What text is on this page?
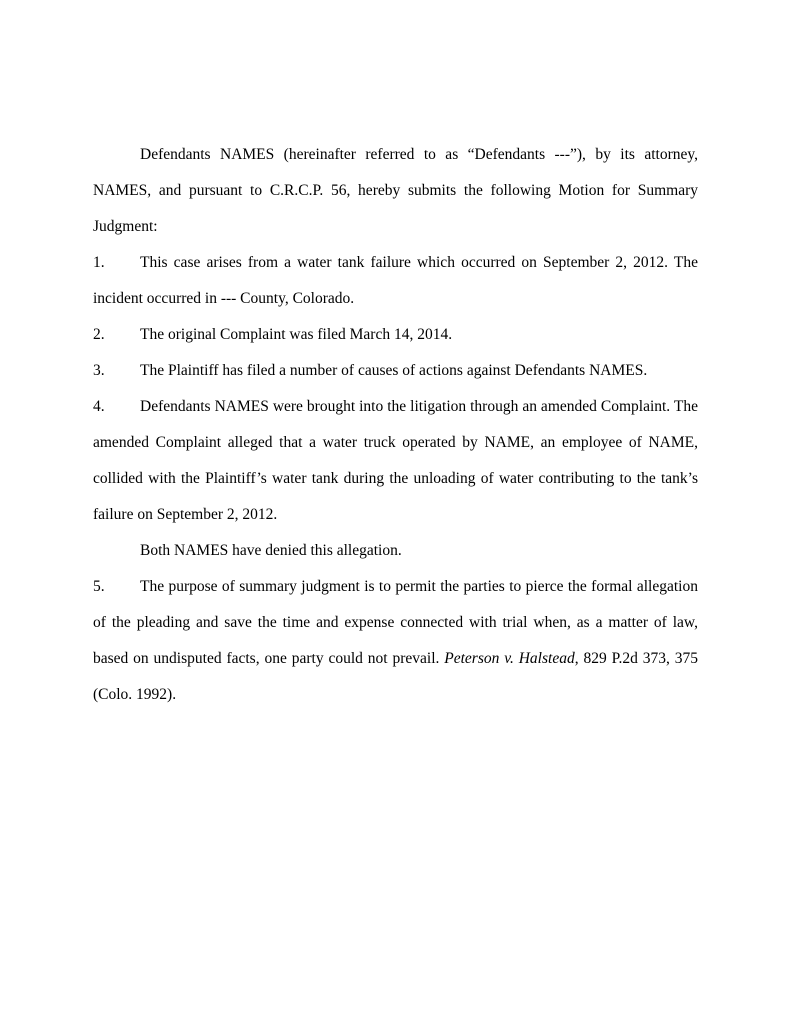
Defendants NAMES (hereinafter referred to as “Defendants ---”), by its attorney, NAMES, and pursuant to C.R.C.P. 56, hereby submits the following Motion for Summary Judgment:

1. This case arises from a water tank failure which occurred on September 2, 2012. The incident occurred in --- County, Colorado.

2. The original Complaint was filed March 14, 2014.

3. The Plaintiff has filed a number of causes of actions against Defendants NAMES.

4. Defendants NAMES were brought into the litigation through an amended Complaint. The amended Complaint alleged that a water truck operated by NAME, an employee of NAME, collided with the Plaintiff’s water tank during the unloading of water contributing to the tank’s failure on September 2, 2012.

Both NAMES have denied this allegation.

5. The purpose of summary judgment is to permit the parties to pierce the formal allegation of the pleading and save the time and expense connected with trial when, as a matter of law, based on undisputed facts, one party could not prevail. Peterson v. Halstead, 829 P.2d 373, 375 (Colo. 1992).
